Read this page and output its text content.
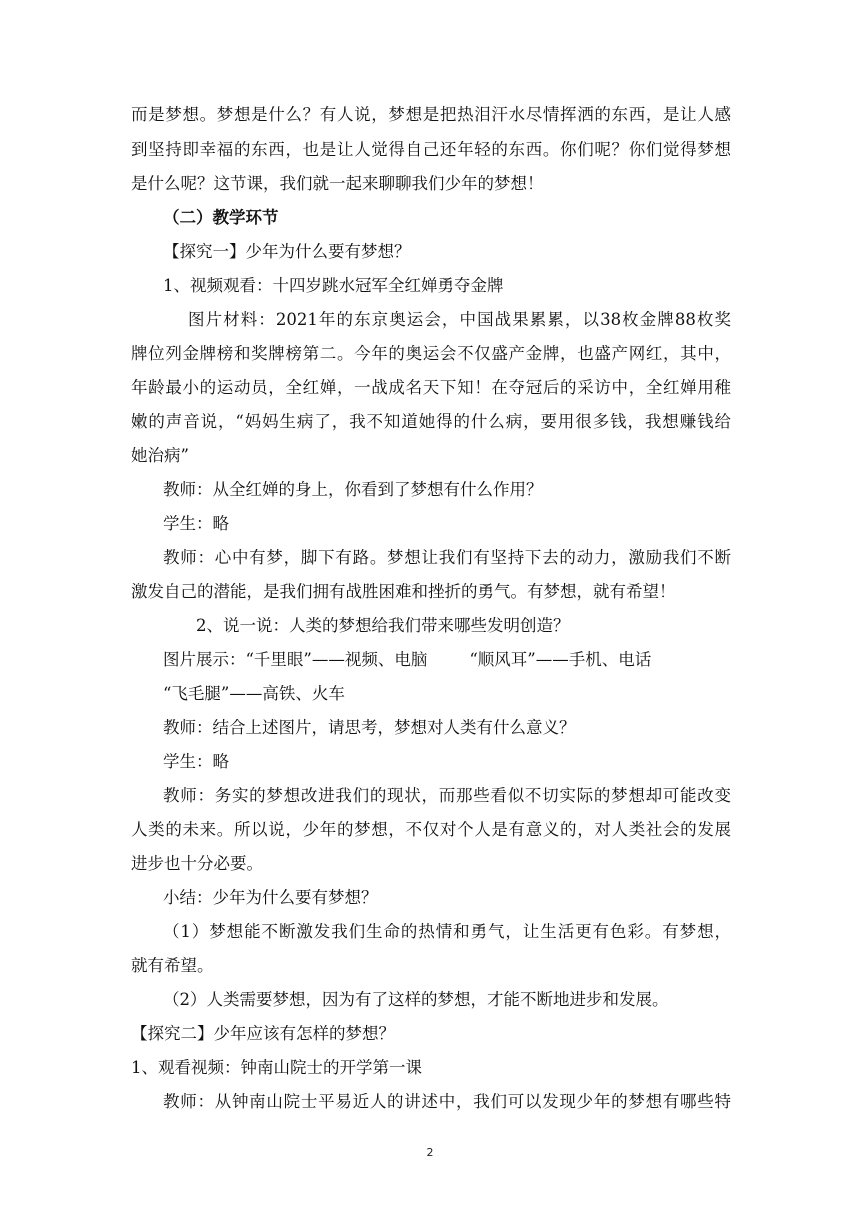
而是梦想。梦想是什么？有人说，梦想是把热泪汗水尽情挥洒的东西，是让人感
到坚持即幸福的东西，也是让人觉得自己还年轻的东西。你们呢？你们觉得梦想
是什么呢？这节课，我们就一起来聊聊我们少年的梦想！
（二）教学环节
【探究一】少年为什么要有梦想？
1、视频观看：十四岁跳水冠军全红婵勇夺金牌
图片材料：2021年的东京奥运会，中国战果累累，以38枚金牌88枚奖
牌位列金牌榜和奖牌榜第二。今年的奥运会不仅盛产金牌，也盛产网红，其中，
年龄最小的运动员，全红婵，一战成名天下知！在夺冠后的采访中，全红婵用稚
嫩的声音说，“妈妈生病了，我不知道她得的什么病，要用很多钱，我想赚钱给
她治病”
教师：从全红婵的身上，你看到了梦想有什么作用？
学生：略
教师：心中有梦，脚下有路。梦想让我们有坚持下去的动力，激励我们不断
激发自己的潜能，是我们拥有战胜困难和挫折的勇气。有梦想，就有希望！
2、说一说：人类的梦想给我们带来哪些发明创造？
图片展示：“千里眼”——视频、电脑        “顺风耳”——手机、电话
“飞毛腿”——高铁、火车
教师：结合上述图片，请思考，梦想对人类有什么意义？
学生：略
教师：务实的梦想改进我们的现状，而那些看似不切实际的梦想却可能改变
人类的未来。所以说，少年的梦想，不仅对个人是有意义的，对人类社会的发展
进步也十分必要。
小结：少年为什么要有梦想？
（1）梦想能不断激发我们生命的热情和勇气，让生活更有色彩。有梦想，
就有希望。
（2）人类需要梦想，因为有了这样的梦想，才能不断地进步和发展。
【探究二】少年应该有怎样的梦想？
1、观看视频：钟南山院士的开学第一课
教师：从钟南山院士平易近人的讲述中，我们可以发现少年的梦想有哪些特
2
